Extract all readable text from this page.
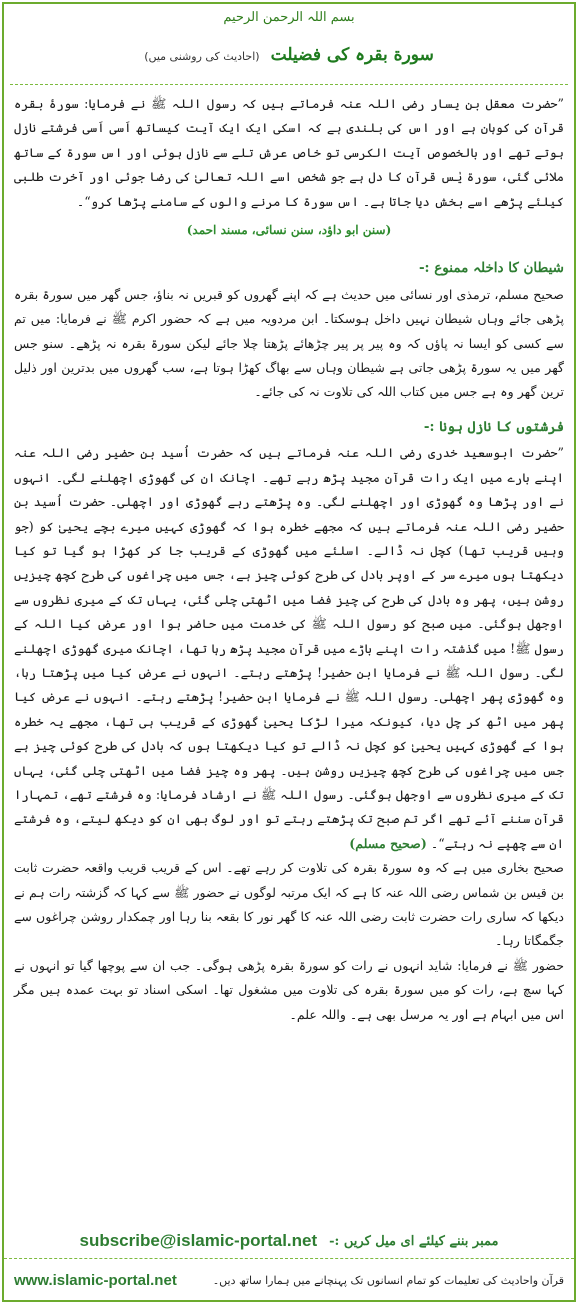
بسم اللہ الرحمن الرحیم
سورة بقرہ کی فضیلت (احادیث کی روشنی میں)

”حضرت معقل بن یسار رضی اللہ عنہ فرماتے ہیں کہ رسول اللہ ﷺ نے فرمایا: سورۂ بقرہ قرآن کی کوہان ہے اور اس کی بلندی ہے کہ اسکی ایک ایک آیت کیساتھ اَسی اَسی فرشتے نازل ہوتے تھے اور بالخصوص آیت الکرسی تو خاص عرش تلے سے نازل ہوئی اور اس سورۃ کے ساتھ ملائی گئی، سورۃ یٰس قرآن کا دل ہے جو شخص اسے اللہ تعالیٰ کی رضا جوئی اور آخرت طلبی کیلئے پڑھے اسے بخش دیا جاتا ہے۔ اس سورۃ کا مرنے والوں کے سامنے پڑھا کرو“۔

(سنن ابو داؤد، سنن نسائی، مسند احمد)
شیطان کا داخلہ ممنوع :-

صحیح مسلم، ترمذی اور نسائی میں حدیث ہے کہ اپنے گھروں کو قبریں نہ بناؤ، جس گھر میں سورۃ بقرہ پڑھی جائے وہاں شیطان نہیں داخل ہوسکتا۔ ابن مردویہ میں ہے کہ حضور اکرم ﷺ نے فرمایا: میں تم سے کسی کو ایسا نہ پاؤں کہ وہ پیر پر پیر چڑھائے پڑھتا چلا جائے لیکن سورۃ بقرہ نہ پڑھے۔ سنو جس گھر میں یہ سورۃ پڑھی جاتی ہے شیطان وہاں سے بھاگ کھڑا ہوتا ہے، سب گھروں میں بدترین اور ذلیل ترین گھر وہ ہے جس میں کتاب اللہ کی تلاوت نہ کی جائے۔

فرشتوں کا نازل ہونا :-

”حضرت ابوسعید خدری رضی اللہ عنہ فرماتے ہیں کہ حضرت اُسید بن حضیر رضی اللہ عنہ اپنے بارے میں ایک رات قرآن مجید پڑھ رہے تھے۔ اچانک ان کی گھوڑی اچھلنے لگی۔ انہوں نے اور پڑھا وہ گھوڑی اور اچھلنے لگی۔ وہ پڑھتے رہے گھوڑی اور اچھلی۔ حضرت اُسید بن حضیر رضی اللہ عنہ فرماتے ہیں کہ مجھے خطرہ ہوا کہ گھوڑی کہیں میرے بچے یحییٰ کو (جو وہیں قریب تھا) کچل نہ ڈالے۔ اسلئے میں گھوڑی کے قریب جا کر کھڑا ہو گیا تو کیا دیکھتا ہوں میرے سر کے اوپر بادل کی طرح کوئی چیز ہے، جس میں چراغوں کی طرح کچھ چیزیں روشن ہیں، پھر وہ بادل کی طرح کی چیز فضا میں اٹھتی چلی گئی، یہاں تک کے میری نظروں سے اوجھل ہوگئی۔ میں صبح کو رسول اللہ ﷺ کی خدمت میں حاضر ہوا اور عرض کیا اللہ کے رسول ﷺ! میں گذشتہ رات اپنے باڑے میں قرآن مجید پڑھ رہا تھا، اچانک میری گھوڑی اچھلنے لگی۔ رسول اللہ ﷺ نے فرمایا ابن حضیر! پڑھتے رہتے۔ انہوں نے عرض کیا میں پڑھتا رہا، وہ گھوڑی پھر اچھلی۔ رسول اللہ ﷺ نے فرمایا ابن حضیر! پڑھتے رہتے۔ انہوں نے عرض کیا پھر میں اٹھ کر چل دیا، کیونکہ میرا لڑکا یحییٰ گھوڑی کے قریب ہی تھا، مجھے یہ خطرہ ہوا کے گھوڑی کہیں یحییٰ کو کچل نہ ڈالے تو کیا دیکھتا ہوں کہ بادل کی طرح کوئی چیز ہے جس میں چراغوں کی طرح کچھ چیزیں روشن ہیں۔ پھر وہ چیز فضا میں اٹھتی چلی گئی، یہاں تک کے میری نظروں سے اوجھل ہوگئی۔ رسول اللہ ﷺ نے ارشاد فرمایا: وہ فرشتے تھے، تمہارا قرآن سننے آئے تھے اگر تم صبح تک پڑھتے رہتے تو اور لوگ بھی ان کو دیکھ لیتے، وہ فرشتے ان سے چھپے نہ رہتے“۔ (صحیح مسلم)

صحیح بخاری میں ہے کہ وہ سورۃ بقرہ کی تلاوت کر رہے تھے۔ اس کے قریب قریب واقعہ حضرت ثابت بن قیس بن شماس رضی اللہ عنہ کا ہے کہ ایک مرتبہ لوگوں نے حضور ﷺ سے کہا کہ گزشتہ رات ہم نے دیکھا کہ ساری رات حضرت ثابت رضی اللہ عنہ کا گھر نور کا بقعہ بنا رہا اور چمکدار روشن چراغوں سے جگمگاتا رہا۔

حضور ﷺ نے فرمایا: شاید انہوں نے رات کو سورۃ بقرہ پڑھی ہوگی۔ جب ان سے پوچھا گیا تو انہوں نے کہا سچ ہے، رات کو میں سورۃ بقرہ کی تلاوت میں مشغول تھا۔ اسکی اسناد تو بہت عمدہ ہیں مگر اس میں ابہام ہے اور یہ مرسل بھی ہے۔ واللہ علم۔

ممبر بننے کیلئے ای میل کریں :-
subscribe@islamic-portal.net
www.islamic-portal.net	قرآن واحادیث کی تعلیمات کو تمام انسانوں تک پہنچانے میں ہمارا ساتھ دیں۔
